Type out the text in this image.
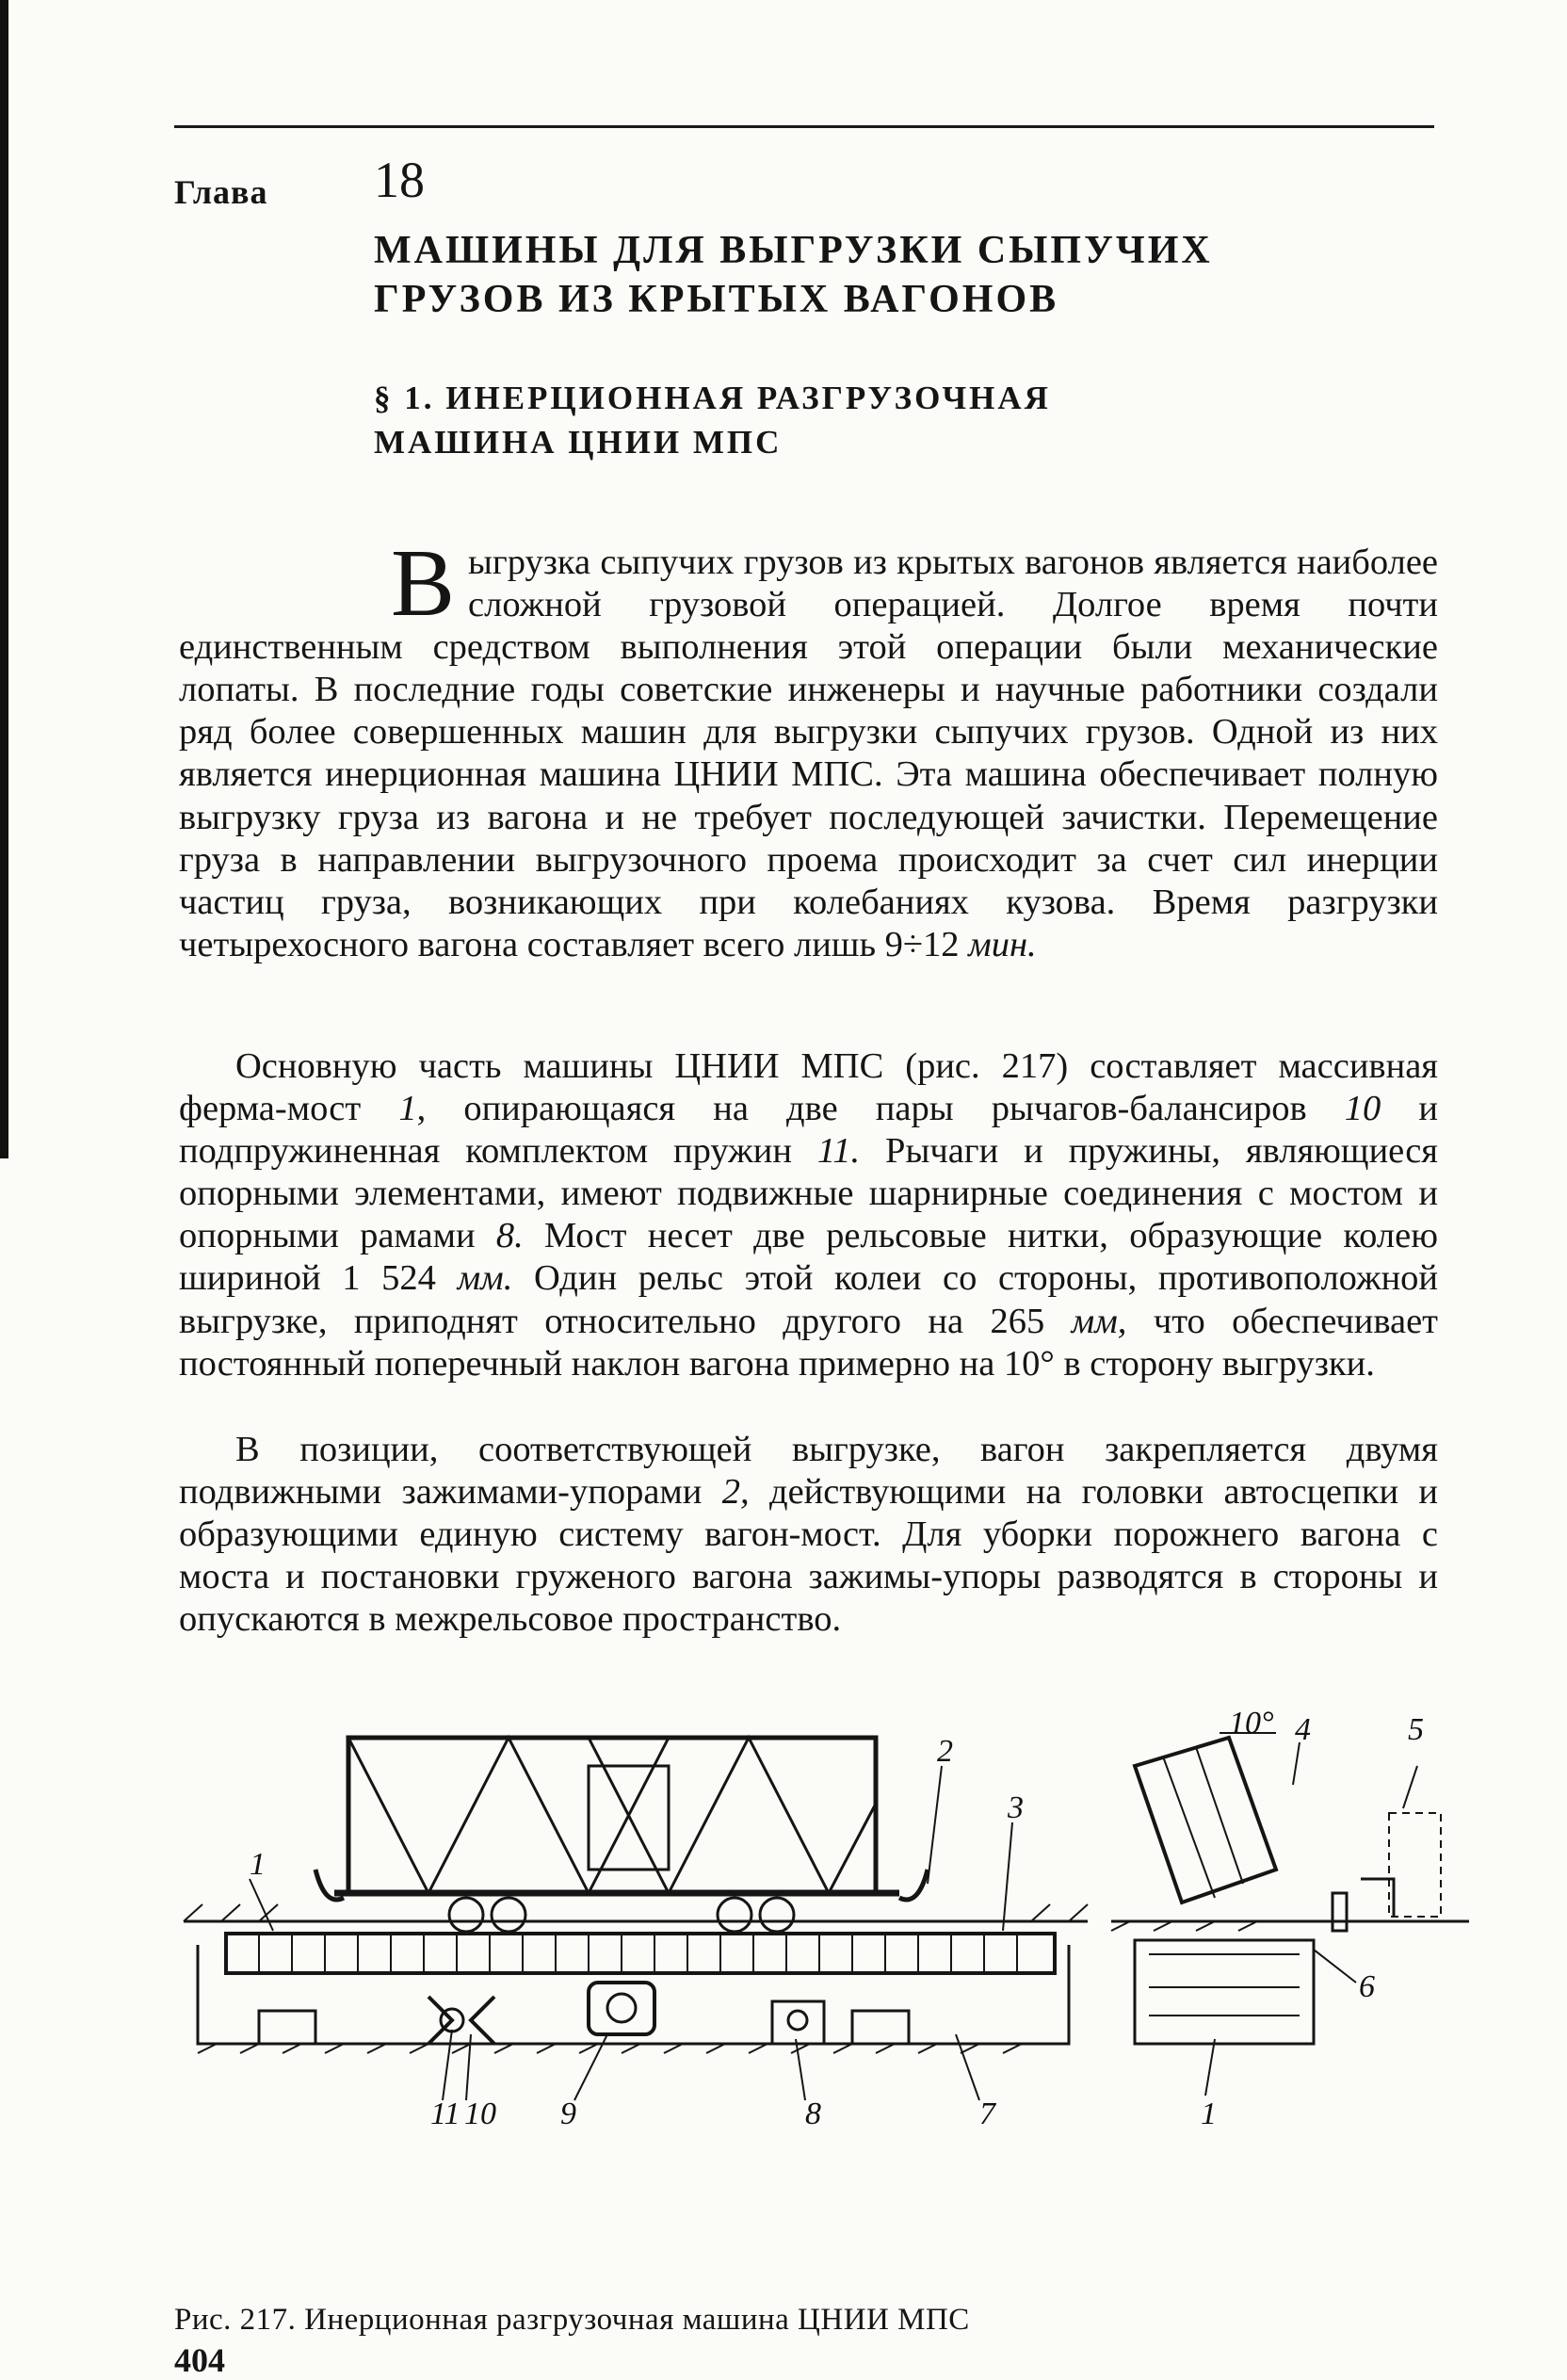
Глава 18
МАШИНЫ ДЛЯ ВЫГРУЗКИ СЫПУЧИХ
ГРУЗОВ ИЗ КРЫТЫХ ВАГОНОВ
§ 1. ИНЕРЦИОННАЯ РАЗГРУЗОЧНАЯ
МАШИНА ЦНИИ МПС
Выгрузка сыпучих грузов из крытых вагонов является наиболее сложной грузовой операцией. Долгое время почти единственным средством выполнения этой операции были механические лопаты. В последние годы советские инженеры и научные работники создали ряд более совершенных машин для выгрузки сыпучих грузов. Одной из них является инерционная машина ЦНИИ МПС. Эта машина обеспечивает полную выгрузку груза из вагона и не требует последующей зачистки. Перемещение груза в направлении выгрузочного проема происходит за счет сил инерции частиц груза, возникающих при колебаниях кузова. Время разгрузки четырехосного вагона составляет всего лишь 9÷12 мин.
Основную часть машины ЦНИИ МПС (рис. 217) составляет массивная ферма-мост 1, опирающаяся на две пары рычагов-балансиров 10 и подпружиненная комплектом пружин 11. Рычаги и пружины, являющиеся опорными элементами, имеют подвижные шарнирные соединения с мостом и опорными рамами 8. Мост несет две рельсовые нитки, образующие колею шириной 1 524 мм. Один рельс этой колеи со стороны, противоположной выгрузке, приподнят относительно другого на 265 мм, что обеспечивает постоянный поперечный наклон вагона примерно на 10° в сторону выгрузки.
В позиции, соответствующей выгрузке, вагон закрепляется двумя подвижными зажимами-упорами 2, действующими на головки автосцепки и образующими единую систему вагон-мост. Для уборки порожнего вагона с моста и постановки груженого вагона зажимы-упоры разводятся в стороны и опускаются в межрельсовое пространство.
1
2
3
4	5
6
7
8
9
10
11	1
10°
Рис. 217. Инерционная разгрузочная машина ЦНИИ МПС
404
